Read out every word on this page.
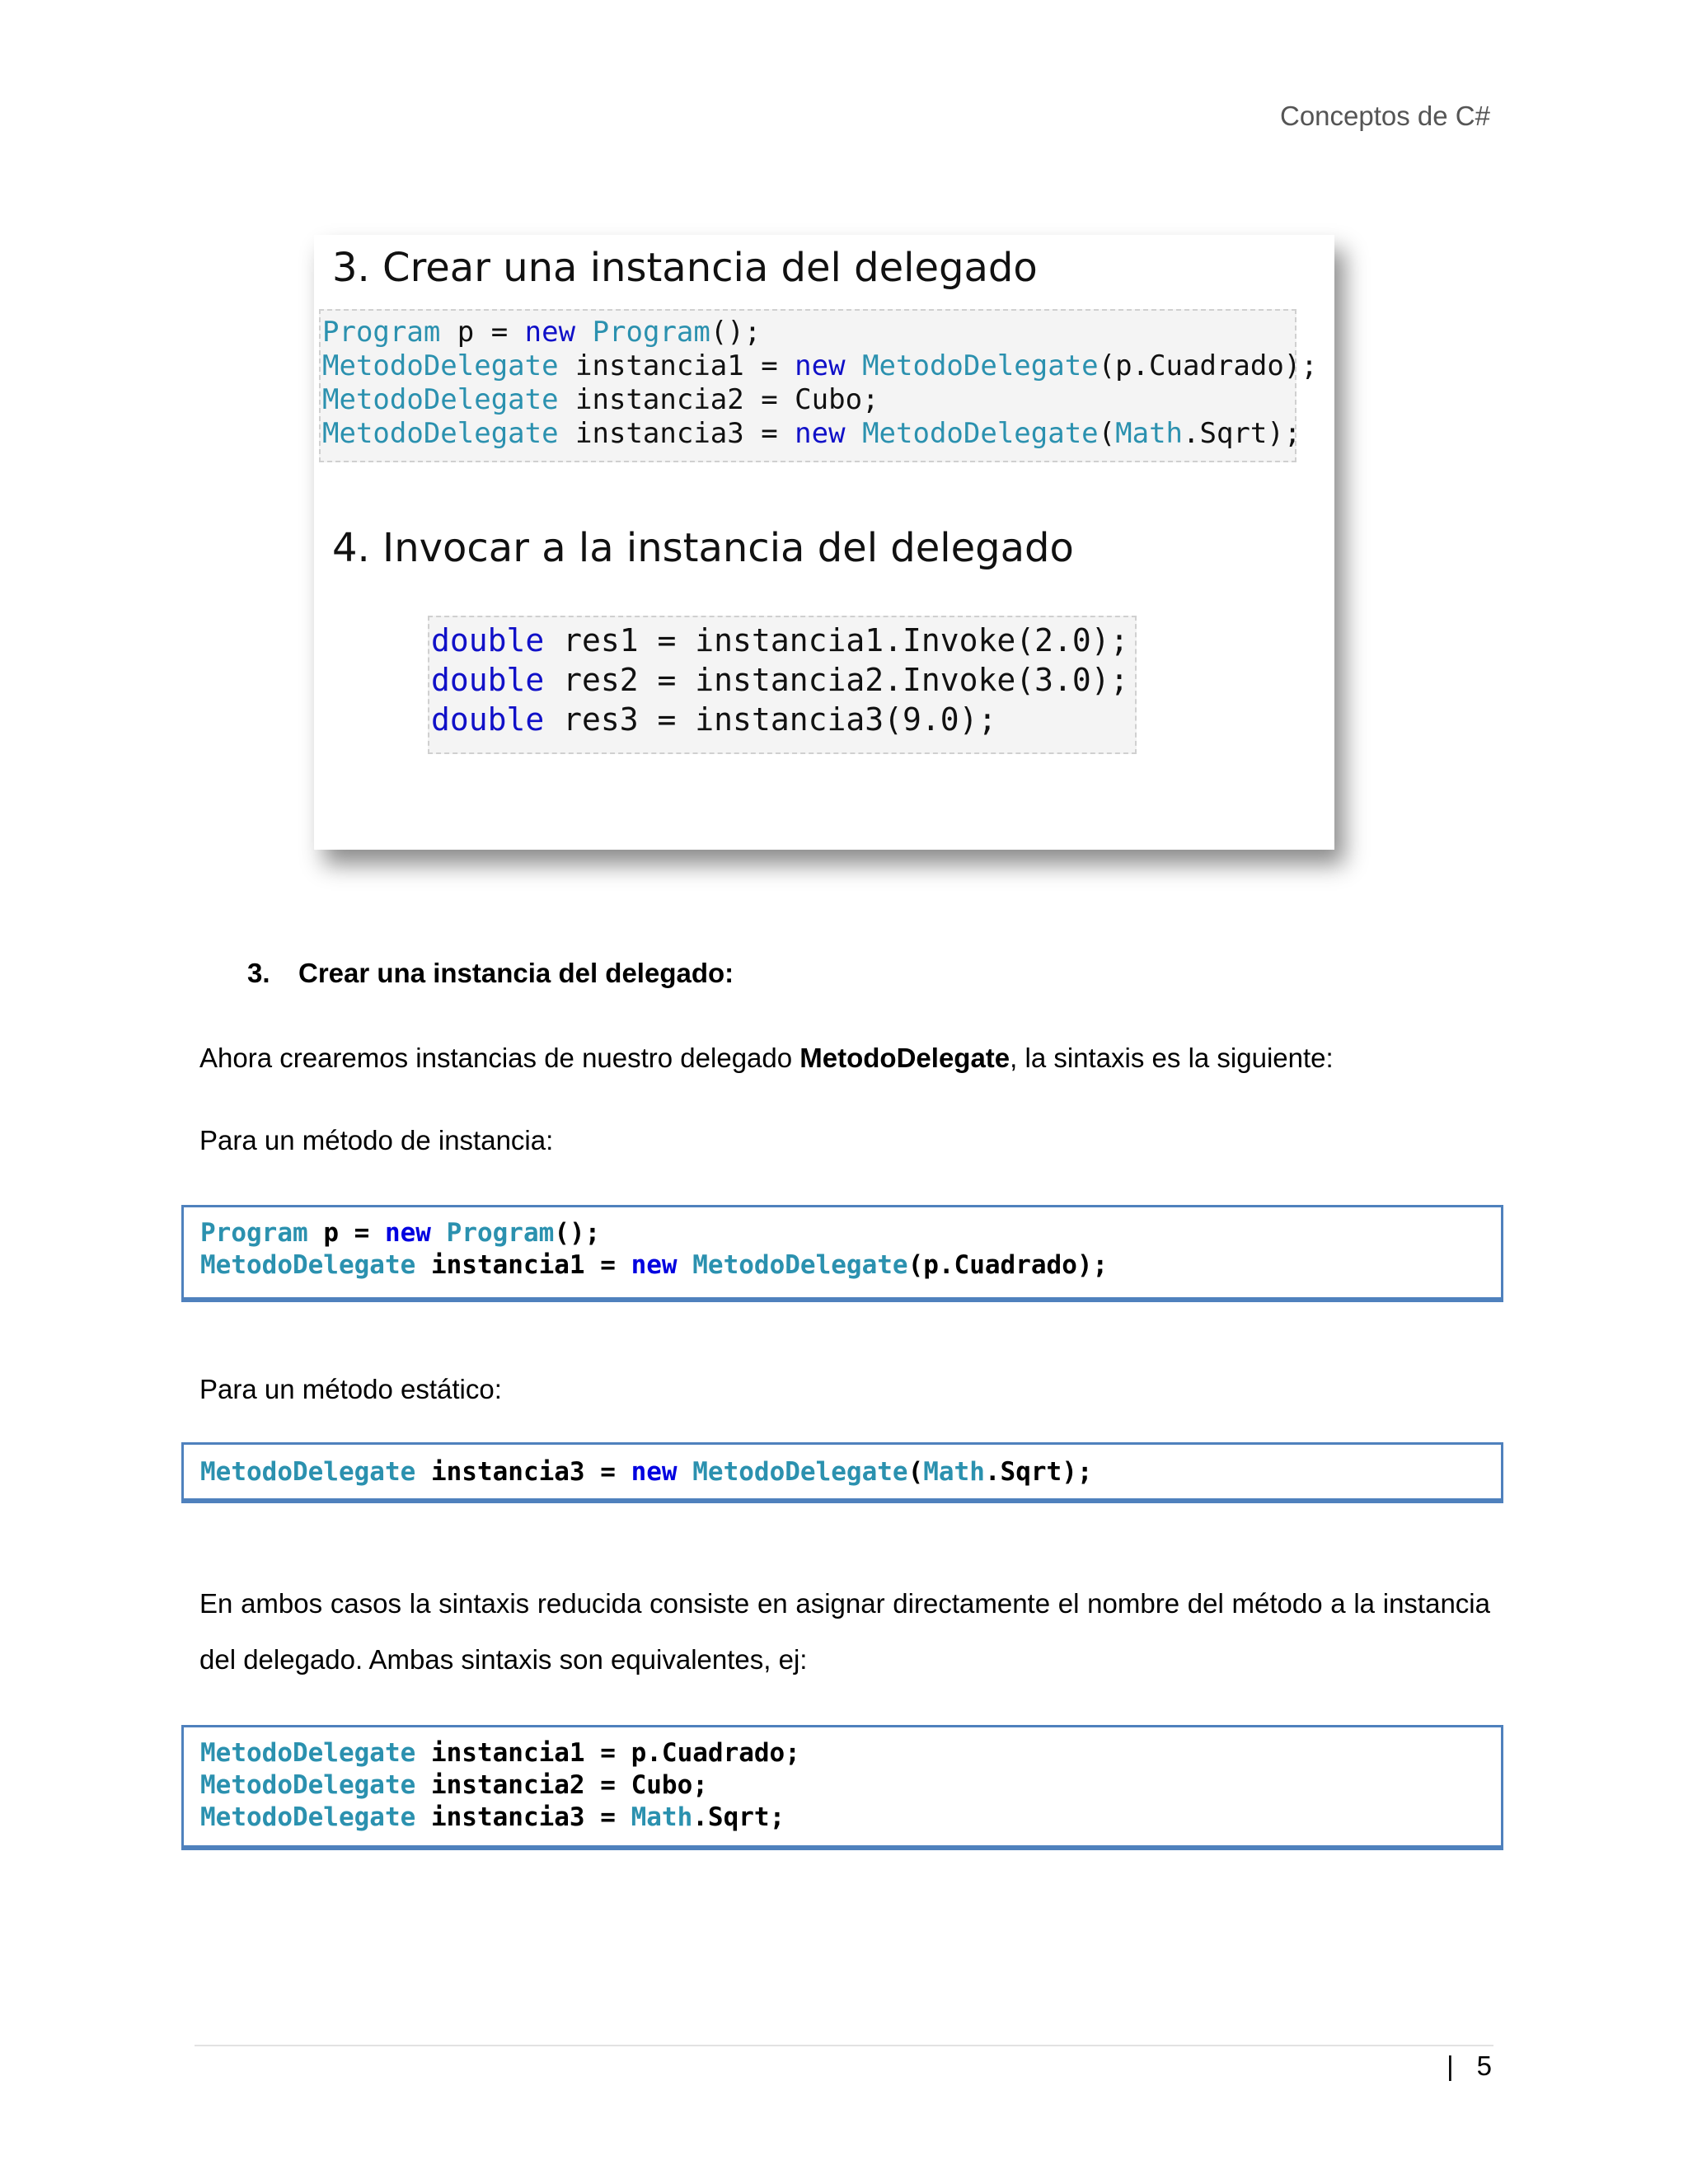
Conceptos de C#
3. Crear una instancia del delegado
Program p = new Program();
MetodoDelegate instancia1 = new MetodoDelegate(p.Cuadrado);
MetodoDelegate instancia2 = Cubo;
MetodoDelegate instancia3 = new MetodoDelegate(Math.Sqrt);
4. Invocar a la instancia del delegado
double res1 = instancia1.Invoke(2.0);
double res2 = instancia2.Invoke(3.0);
double res3 = instancia3(9.0);
3. Crear una instancia del delegado:
Ahora crearemos instancias de nuestro delegado MetodoDelegate, la sintaxis es la siguiente:
Para un método de instancia:
Program p = new Program();
MetodoDelegate instancia1 = new MetodoDelegate(p.Cuadrado);
Para un método estático:
MetodoDelegate instancia3 = new MetodoDelegate(Math.Sqrt);
En ambos casos la sintaxis reducida consiste en asignar directamente el nombre del método a la instancia del delegado. Ambas sintaxis son equivalentes, ej:
MetodoDelegate instancia1 = p.Cuadrado;
MetodoDelegate instancia2 = Cubo;
MetodoDelegate instancia3 = Math.Sqrt;
| 5
